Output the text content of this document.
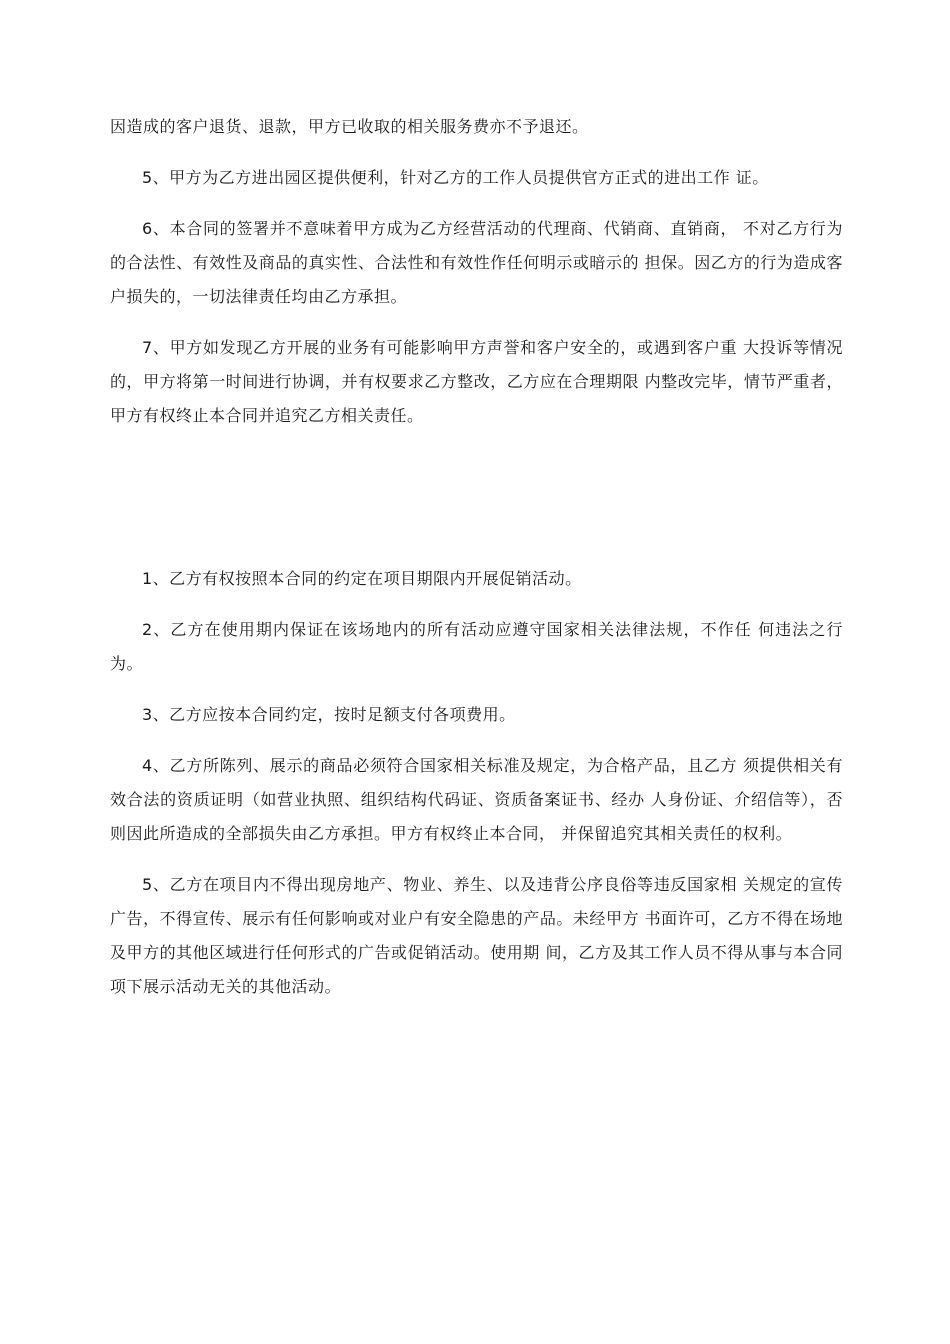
因造成的客户退货、退款，甲方已收取的相关服务费亦不予退还。

5、甲方为乙方进出园区提供便利，针对乙方的工作人员提供官方正式的进出工作 证。

6、本合同的签署并不意味着甲方成为乙方经营活动的代理商、代销商、直销商， 不对乙方行为的合法性、有效性及商品的真实性、合法性和有效性作任何明示或暗示的 担保。因乙方的行为造成客户损失的，一切法律责任均由乙方承担。

7、甲方如发现乙方开展的业务有可能影响甲方声誉和客户安全的，或遇到客户重 大投诉等情况的，甲方将第一时间进行协调，并有权要求乙方整改，乙方应在合理期限 内整改完毕，情节严重者，甲方有权终止本合同并追究乙方相关责任。

1、乙方有权按照本合同的约定在项目期限内开展促销活动。

2、乙方在使用期内保证在该场地内的所有活动应遵守国家相关法律法规，不作任 何违法之行为。

3、乙方应按本合同约定，按时足额支付各项费用。

4、乙方所陈列、展示的商品必须符合国家相关标准及规定，为合格产品，且乙方 须提供相关有效合法的资质证明（如营业执照、组织结构代码证、资质备案证书、经办 人身份证、介绍信等），否则因此所造成的全部损失由乙方承担。甲方有权终止本合同， 并保留追究其相关责任的权利。

5、乙方在项目内不得出现房地产、物业、养生、以及违背公序良俗等违反国家相 关规定的宣传广告，不得宣传、展示有任何影响或对业户有安全隐患的产品。未经甲方 书面许可，乙方不得在场地及甲方的其他区域进行任何形式的广告或促销活动。使用期 间，乙方及其工作人员不得从事与本合同项下展示活动无关的其他活动。
